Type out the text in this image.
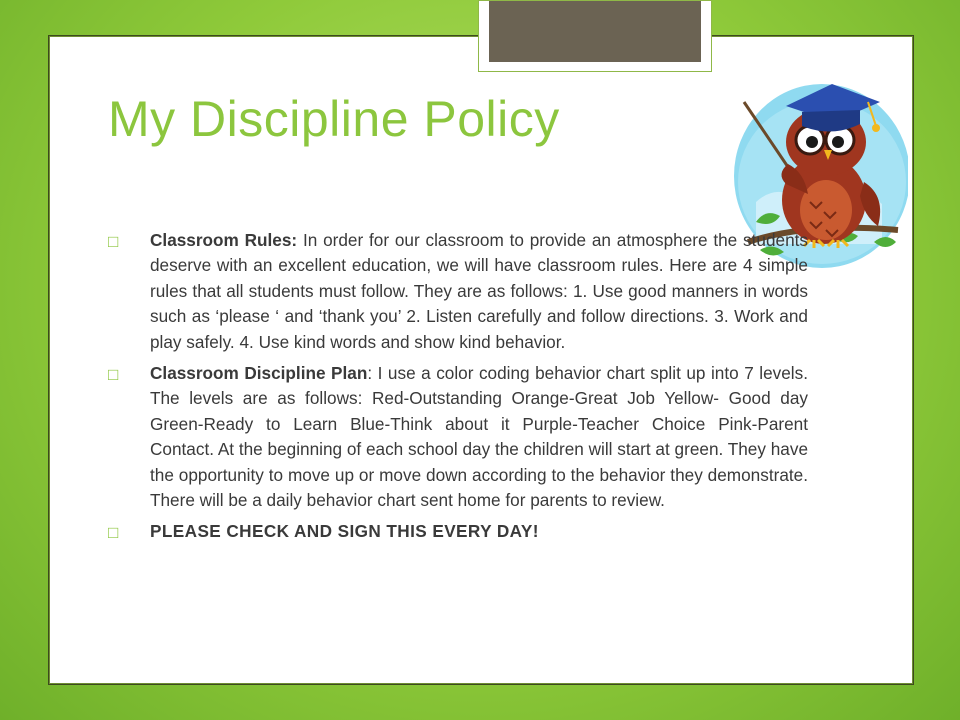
My Discipline Policy
□ Classroom Rules: In order for our classroom to provide an atmosphere the students deserve with an excellent education, we will have classroom rules. Here are 4 simple rules that all students must follow. They are as follows: 1. Use good manners in words such as ‘please ‘ and ‘thank you’ 2. Listen carefully and follow directions. 3. Work and play safely. 4. Use kind words and show kind behavior.
□ Classroom Discipline Plan: I use a color coding behavior chart split up into 7 levels. The levels are as follows: Red-Outstanding Orange-Great Job Yellow- Good day Green-Ready to Learn Blue-Think about it Purple-Teacher Choice Pink-Parent Contact. At the beginning of each school day the children will start at green. They have the opportunity to move up or move down according to the behavior they demonstrate. There will be a daily behavior chart sent home for parents to review.
□ PLEASE CHECK AND SIGN THIS EVERY DAY!
